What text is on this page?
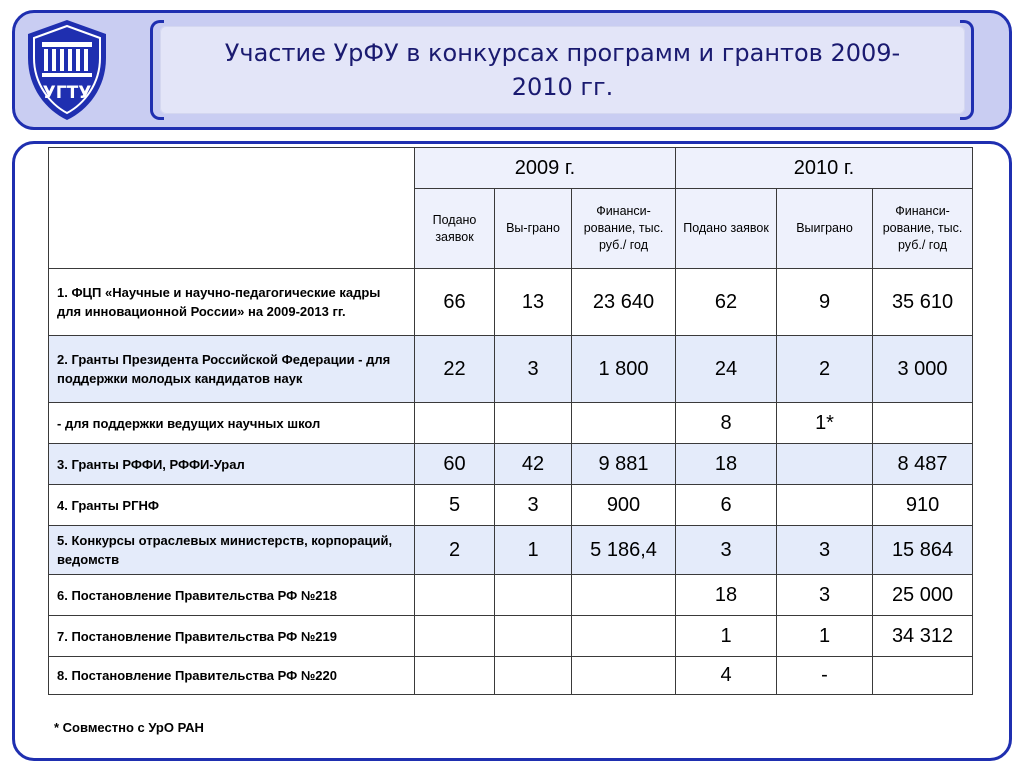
УГТУ
Участие УрФУ в конкурсах программ и грантов 2009-2010 гг.
	2009 г.			2010 г.		
	Подано заявок	Вы-грано	Финанси-рование, тыс. руб./ год	Подано заявок	Выиграно	Финанси-рование, тыс. руб./ год
1. ФЦП «Научные и научно-педагогические кадры для инновационной России» на 2009-2013 гг.	66	13	23 640	62	9	35 610
2. Гранты Президента Российской Федерации - для поддержки молодых кандидатов наук	22	3	1 800	24	2	3 000
- для поддержки ведущих научных школ				8	1*	
3. Гранты РФФИ, РФФИ-Урал	60	42	9 881	18		8 487
4. Гранты РГНФ	5	3	900	6		910
5. Конкурсы отраслевых министерств, корпораций, ведомств	2	1	5 186,4	3	3	15 864
6. Постановление Правительства РФ №218				18	3	25 000
7. Постановление Правительства РФ №219				1	1	34 312
8. Постановление Правительства РФ №220				4	-	
* Совместно с УрО РАН
